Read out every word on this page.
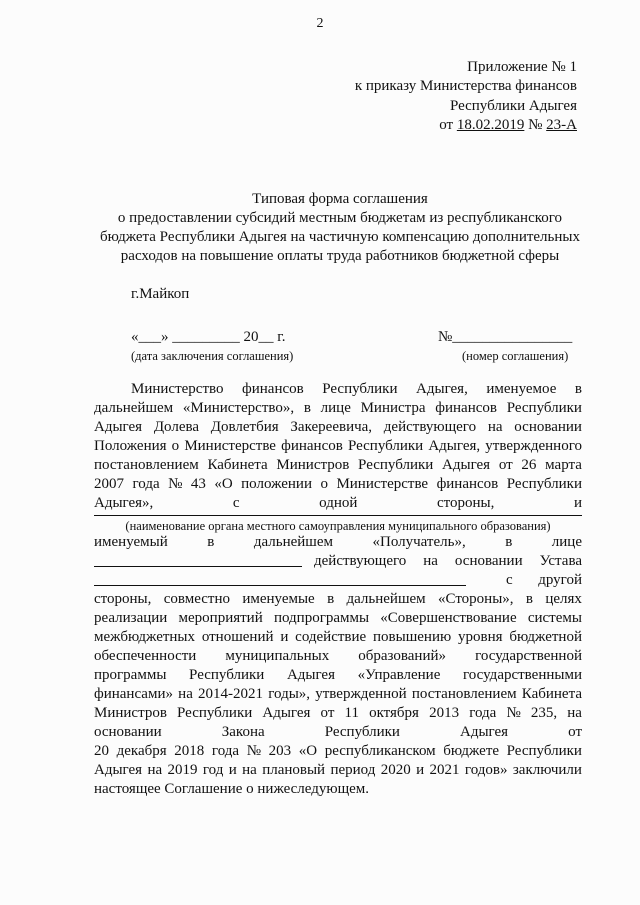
2
Приложение № 1
к приказу Министерства финансов
Республики Адыгея
от 18.02.2019 № 23-А
Типовая форма соглашения
о предоставлении субсидий местным бюджетам из республиканского
бюджета Республики Адыгея на частичную компенсацию дополнительных
расходов на повышение оплаты труда работников бюджетной сферы
г.Майкоп
«___» _________ 20__ г.
(дата заключения соглашения)
№________________
(номер соглашения)
Министерство финансов Республики Адыгея, именуемое в
дальнейшем «Министерство», в лице Министра финансов Республики
Адыгея Долева Довлетбия Закереевича, действующего на основании
Положения о Министерстве финансов Республики Адыгея, утвержденного
постановлением Кабинета Министров Республики Адыгея от 26 марта
2007 года № 43 «О положении о Министерстве финансов Республики
Адыгея»,	с	одной	стороны,	и
(наименование органа местного самоуправления муниципального образования)
именуемый	в	дальнейшем	«Получатель»,	в	лице
действующего на основании Устава
с другой
стороны, совместно именуемые в дальнейшем «Стороны», в целях
реализации мероприятий подпрограммы «Совершенствование системы
межбюджетных отношений и содействие повышению уровня бюджетной
обеспеченности муниципальных образований» государственной
программы Республики Адыгея «Управление государственными
финансами» на 2014-2021 годы», утвержденной постановлением Кабинета
Министров Республики Адыгея от 11 октября 2013 года № 235, на
основании	Закона	Республики	Адыгея	от
20 декабря 2018 года № 203 «О республиканском бюджете Республики
Адыгея на 2019 год и на плановый период 2020 и 2021 годов» заключили
настоящее Соглашение о нижеследующем.
